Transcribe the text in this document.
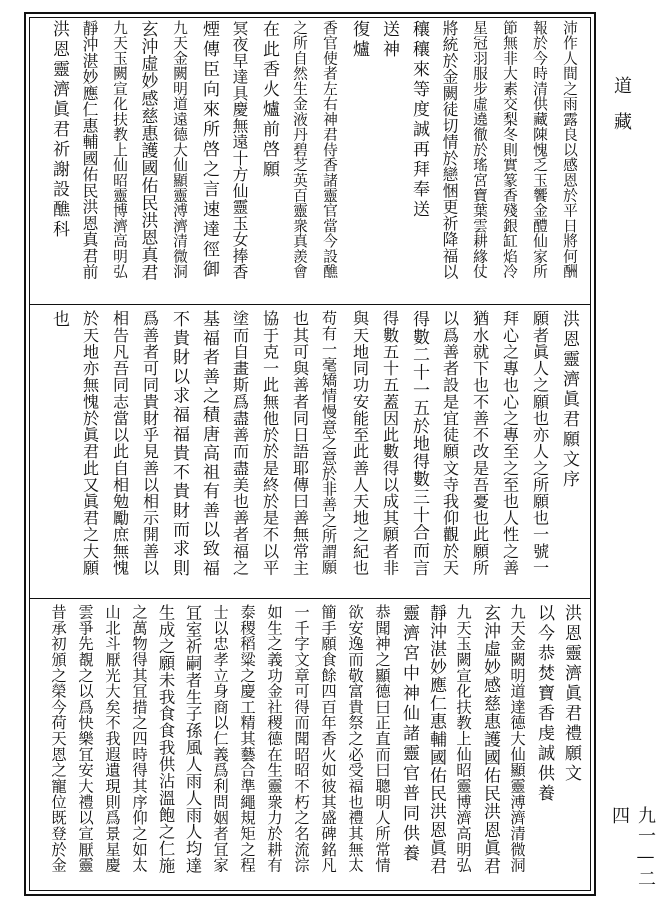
道
藏
九一—二四
沛作人間之雨露良以感恩於平日將何酬
報於今時清供藏陳愧乏玉饗金醴仙家所
節無非大素交梨冬則實篆香殘銀缸焰冷
星冠羽服步虛遶徹於瑤宮寶葉雲耕緣仗
將統於金闕徒切情於戀悃更祈降福以
穰穰來等度誠再拜奉送
送神
復爐
香官使者左右神君侍香諸靈官當今設醮
之所自然生金液丹碧芝英百靈衆真羨會
在此香火爐前啓願
冥夜早達具慶無遠十方仙靈玉女捧香
煙傳臣向來所啓之言速達徑御
九天金闕明道遠德大仙顯靈溥濟清微洞
玄沖虛妙感慈惠護國佑民洪恩真君
九天玉闕宣化扶教上仙昭靈博濟高明弘
靜沖湛妙應仁惠輔國佑民洪恩真君前
洪恩靈濟眞君祈謝設醮科
洪恩靈濟眞君願文序
願者眞人之願也亦人之所願也一號一
拜心之專也心之專至之至也人性之善
猶水就下也不善不改是吾憂也此願所
以爲善者設是宜徒願文寺我仰觀於天
得數二十一五於地得數三十合而言
得數五十五蓋因此數得以成其願者非
與天地同功安能至此善人天地之紀也
苟有一毫矯情慢意之意於非善之所謂願
也其可與善者同日語耶傳曰善無常主
協于克一此無他於於是終於是不以平
塗而自畫斯爲盡善而盡美也善者福之
基福者善之積唐高祖有善以致福
不貴財以求福福貴不貴財而求則
爲善者可同貴財乎見善以相示開善以
相告凡吾同志當以此自相勉勵庶無愧
於天地亦無愧於眞君此又眞君之大願
也
洪恩靈濟眞君禮願文
以今恭焚寶香虔誠供養
九天金闕明道達德大仙顯靈溥濟清微洞
玄沖虛妙感慈惠護國佑民洪恩眞君
九天玉闕宣化扶教上仙昭靈博濟高明弘
靜沖湛妙應仁惠輔國佑民洪恩眞君
靈濟宮中神仙諸靈官普同供養
恭聞神之顯德曰正直而曰聰明人所常情
欲安逸而敬富貴祭之必受福也禮其無太
簡手願食餘四百年香火如彼其盛碑銘凡
一千字文章可得而聞昭昭不朽之名流淙
如生之義功金社稷德在生靈衆力於耕有
泰稷稻粱之慶工精其藝合準繩規矩之程
士以忠孝立身商以仁義爲利問姻者冝家
冝室祈嗣者生子孫風人雨人雨人均達
生成之願未我食食我供沾溫飽之仁施
之萬物得其冝措之四時得其序仰之如太
山北斗厭光大矣不我遐遺現則爲景星慶
雲爭先覩之以爲快樂冝安大禮以宣厭靈
昔承初頒之榮今荷天恩之寵位既登於金
